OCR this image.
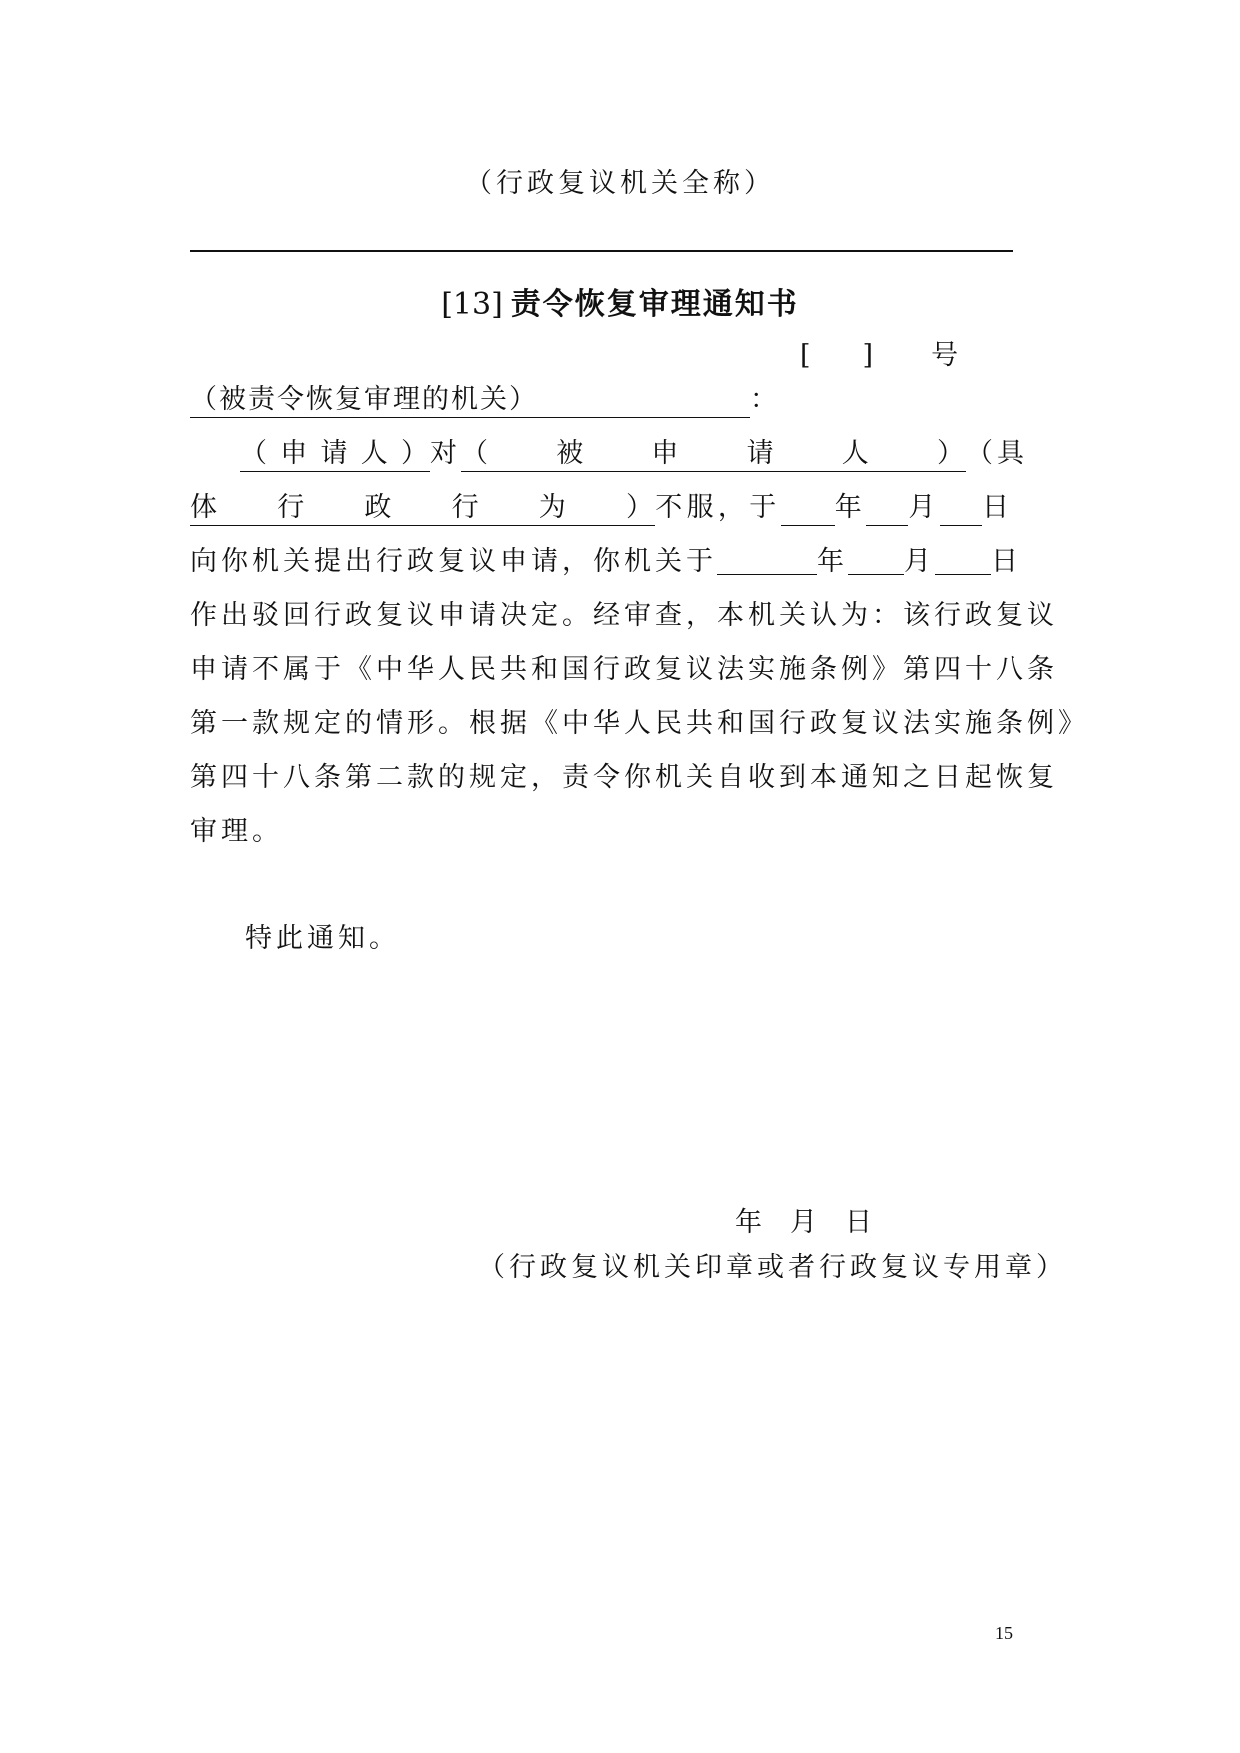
（行政复议机关全称）
[13] 责令恢复审理通知书
[ ] 号
（被责令恢复审理的机关）	：
（申请人）对（被申请人）（具
体行政行为）不服，于 年 月 日
向你机关提出行政复议申请，你机关于	年 月 日
作出驳回行政复议申请决定。经审查，本机关认为：该行政复议
申请不属于《中华人民共和国行政复议法实施条例》第四十八条
第一款规定的情形。根据《中华人民共和国行政复议法实施条例》
第四十八条第二款的规定，责令你机关自收到本通知之日起恢复
审理。
特此通知。
年 月 日
（行政复议机关印章或者行政复议专用章）
15
